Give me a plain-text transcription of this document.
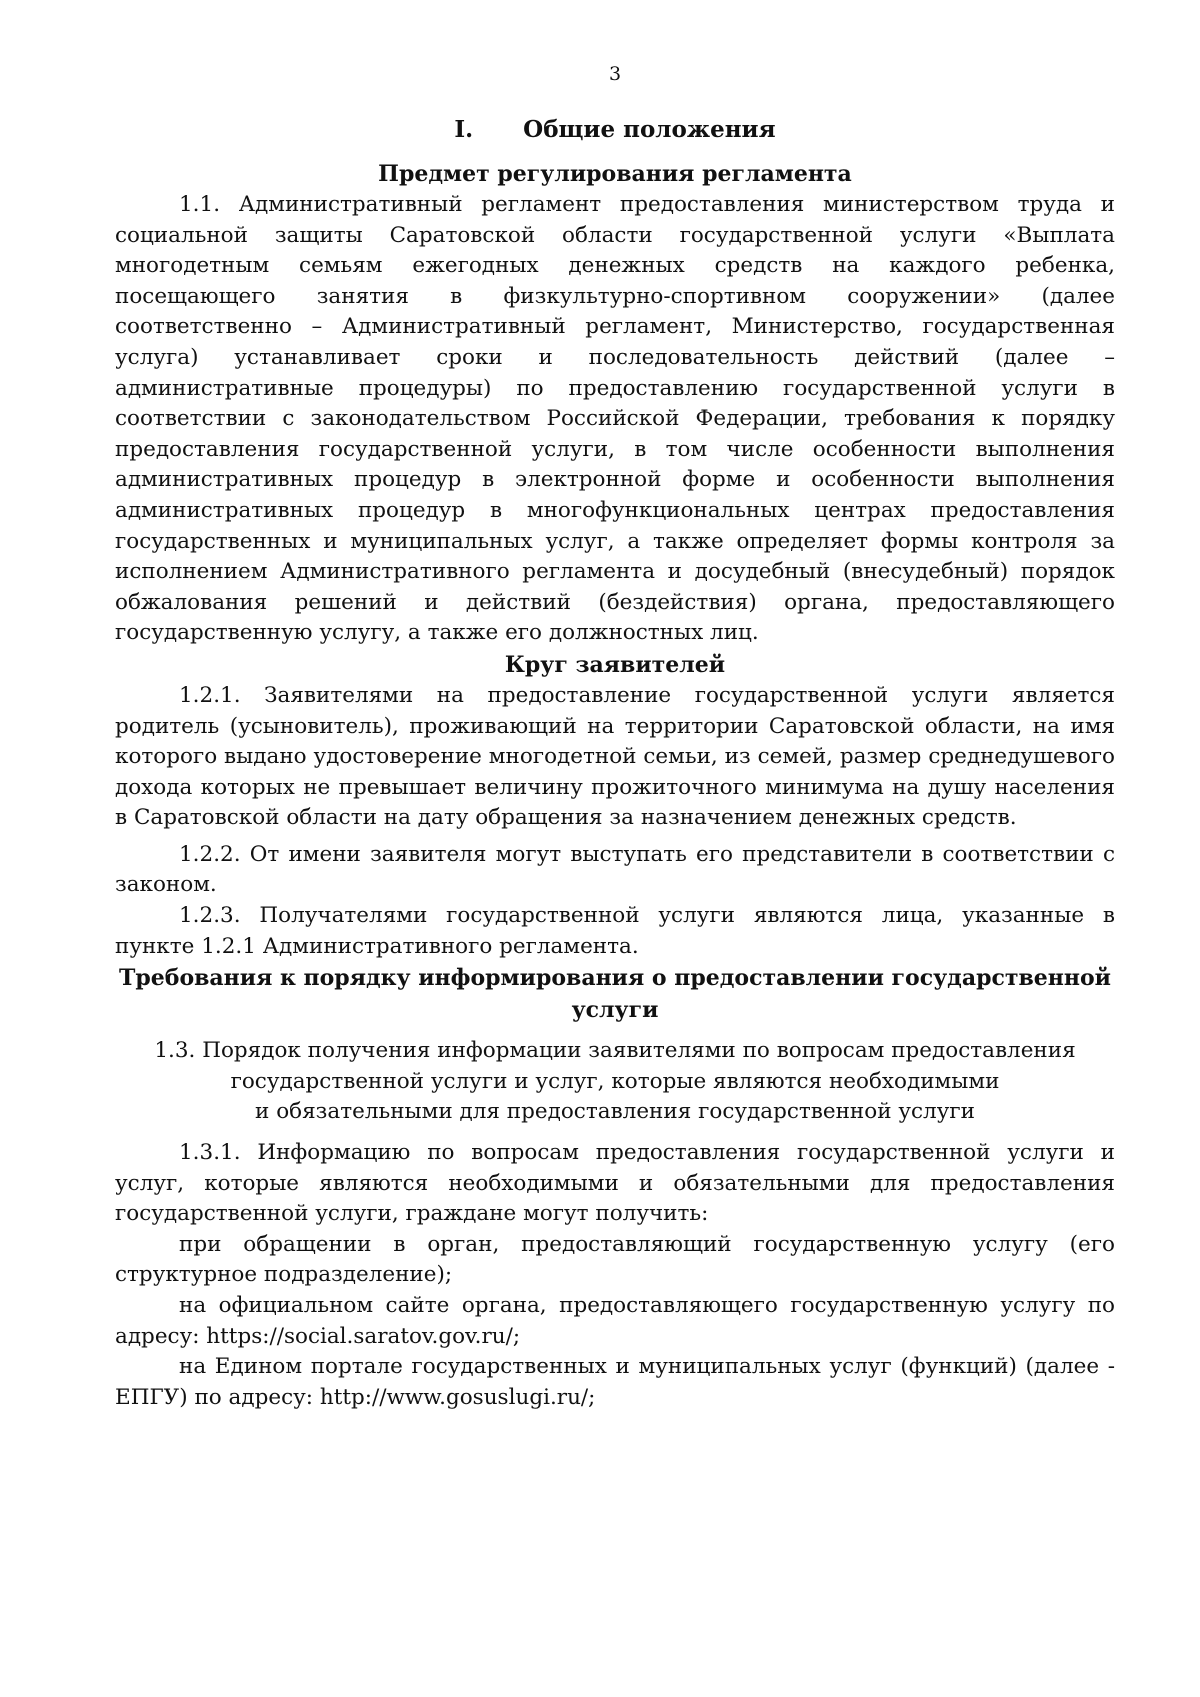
3
I. Общие положения
Предмет регулирования регламента

1.1. Административный регламент предоставления министерством труда и социальной защиты Саратовской области государственной услуги «Выплата многодетным семьям ежегодных денежных средств на каждого ребенка, посещающего занятия в физкультурно-спортивном сооружении» (далее соответственно – Административный регламент, Министерство, государственная услуга) устанавливает сроки и последовательность действий (далее – административные процедуры) по предоставлению государственной услуги в соответствии с законодательством Российской Федерации, требования к порядку предоставления государственной услуги, в том числе особенности выполнения административных процедур в электронной форме и особенности выполнения административных процедур в многофункциональных центрах предоставления государственных и муниципальных услуг, а также определяет формы контроля за исполнением Административного регламента и досудебный (внесудебный) порядок обжалования решений и действий (бездействия) органа, предоставляющего государственную услугу, а также его должностных лиц.

Круг заявителей

1.2.1. Заявителями на предоставление государственной услуги является родитель (усыновитель), проживающий на территории Саратовской области, на имя которого выдано удостоверение многодетной семьи, из семей, размер среднедушевого дохода которых не превышает величину прожиточного минимума на душу населения в Саратовской области на дату обращения за назначением денежных средств.

1.2.2. От имени заявителя могут выступать его представители в соответствии с законом.

1.2.3. Получателями государственной услуги являются лица, указанные в пункте 1.2.1 Административного регламента.

Требования к порядку информирования о предоставлении государственной
услуги
1.3. Порядок получения информации заявителями по вопросам предоставления
государственной услуги и услуг, которые являются необходимыми
и обязательными для предоставления государственной услуги

1.3.1. Информацию по вопросам предоставления государственной услуги и услуг, которые являются необходимыми и обязательными для предоставления государственной услуги, граждане могут получить:

при обращении в орган, предоставляющий государственную услугу (его структурное подразделение);

на официальном сайте органа, предоставляющего государственную услугу по адресу: https://social.saratov.gov.ru/;

на Едином портале государственных и муниципальных услуг (функций) (далее - ЕПГУ) по адресу: http://www.gosuslugi.ru/;
